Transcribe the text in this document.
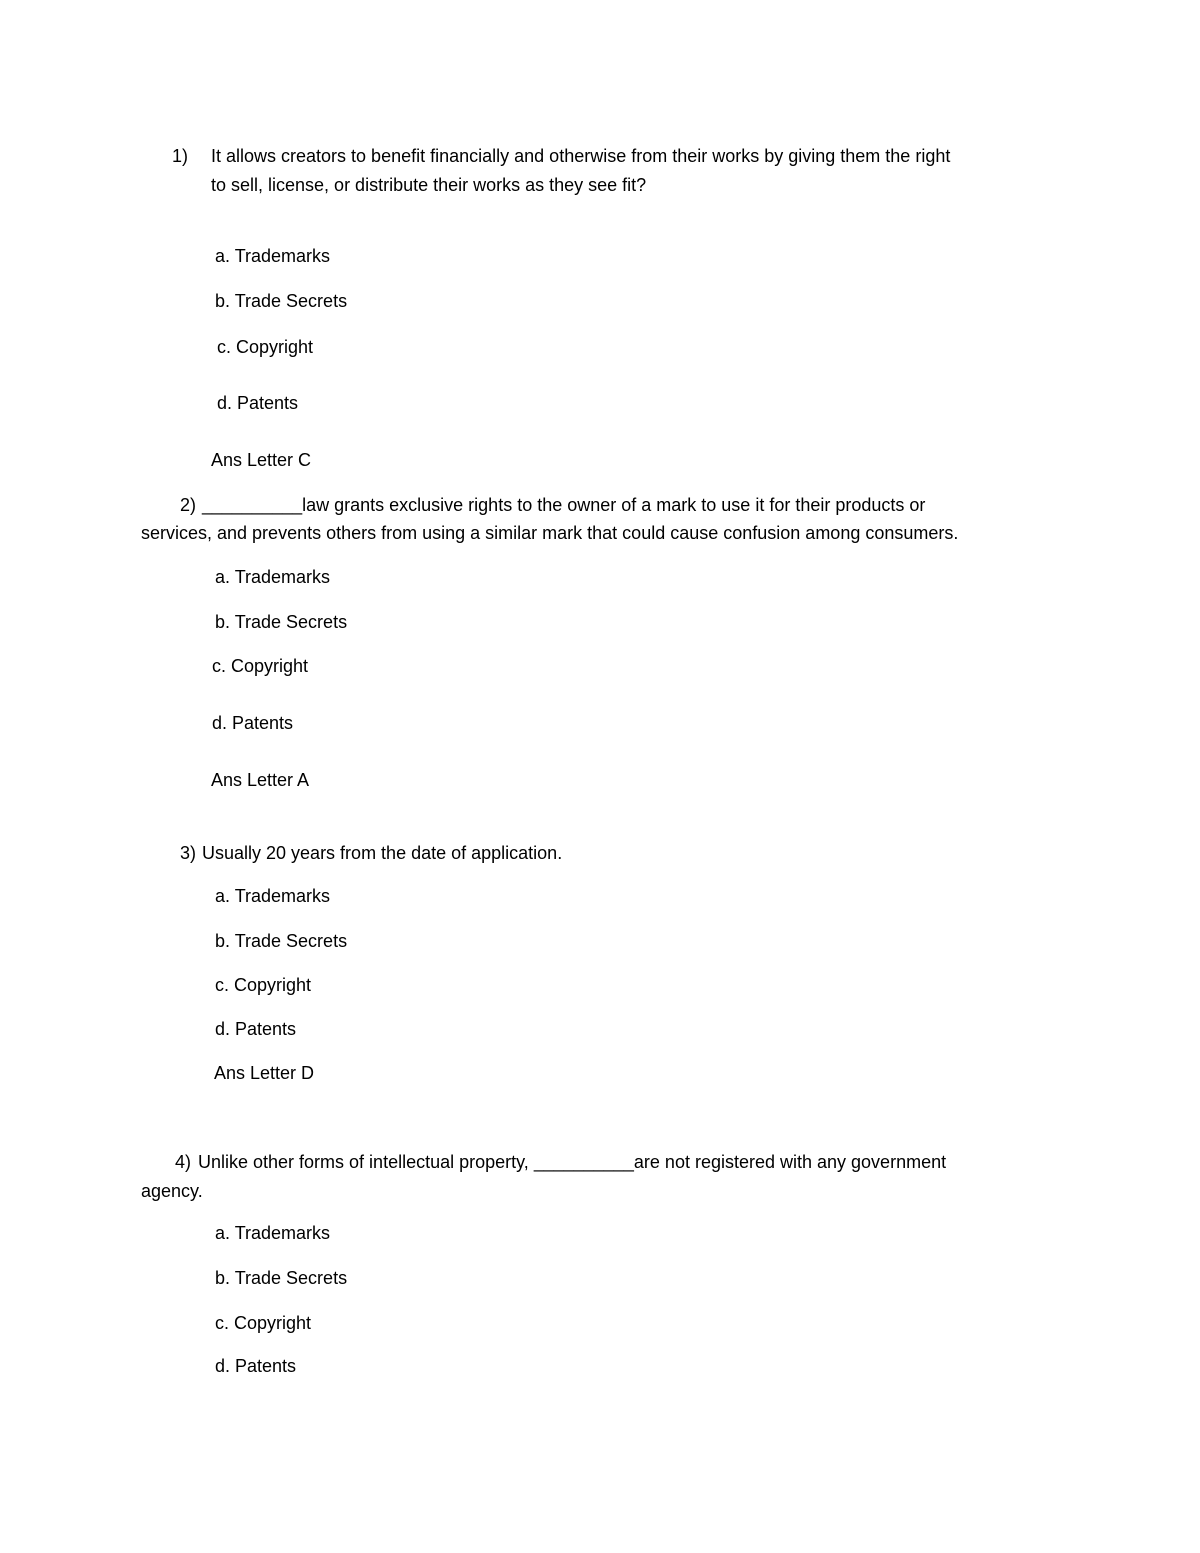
1) It allows creators to benefit financially and otherwise from their works by giving them the right
to sell, license, or distribute their works as they see fit?
a. Trademarks
b. Trade Secrets
c. Copyright
d. Patents
Ans Letter C
2) __________law grants exclusive rights to the owner of a mark to use it for their products or
services, and prevents others from using a similar mark that could cause confusion among consumers.
a. Trademarks
b. Trade Secrets
c. Copyright
d. Patents
Ans Letter A
3) Usually 20 years from the date of application.
a. Trademarks
b. Trade Secrets
c. Copyright
d. Patents
Ans Letter D
4) Unlike other forms of intellectual property, __________are not registered with any government
agency.
a. Trademarks
b. Trade Secrets
c. Copyright
d. Patents
